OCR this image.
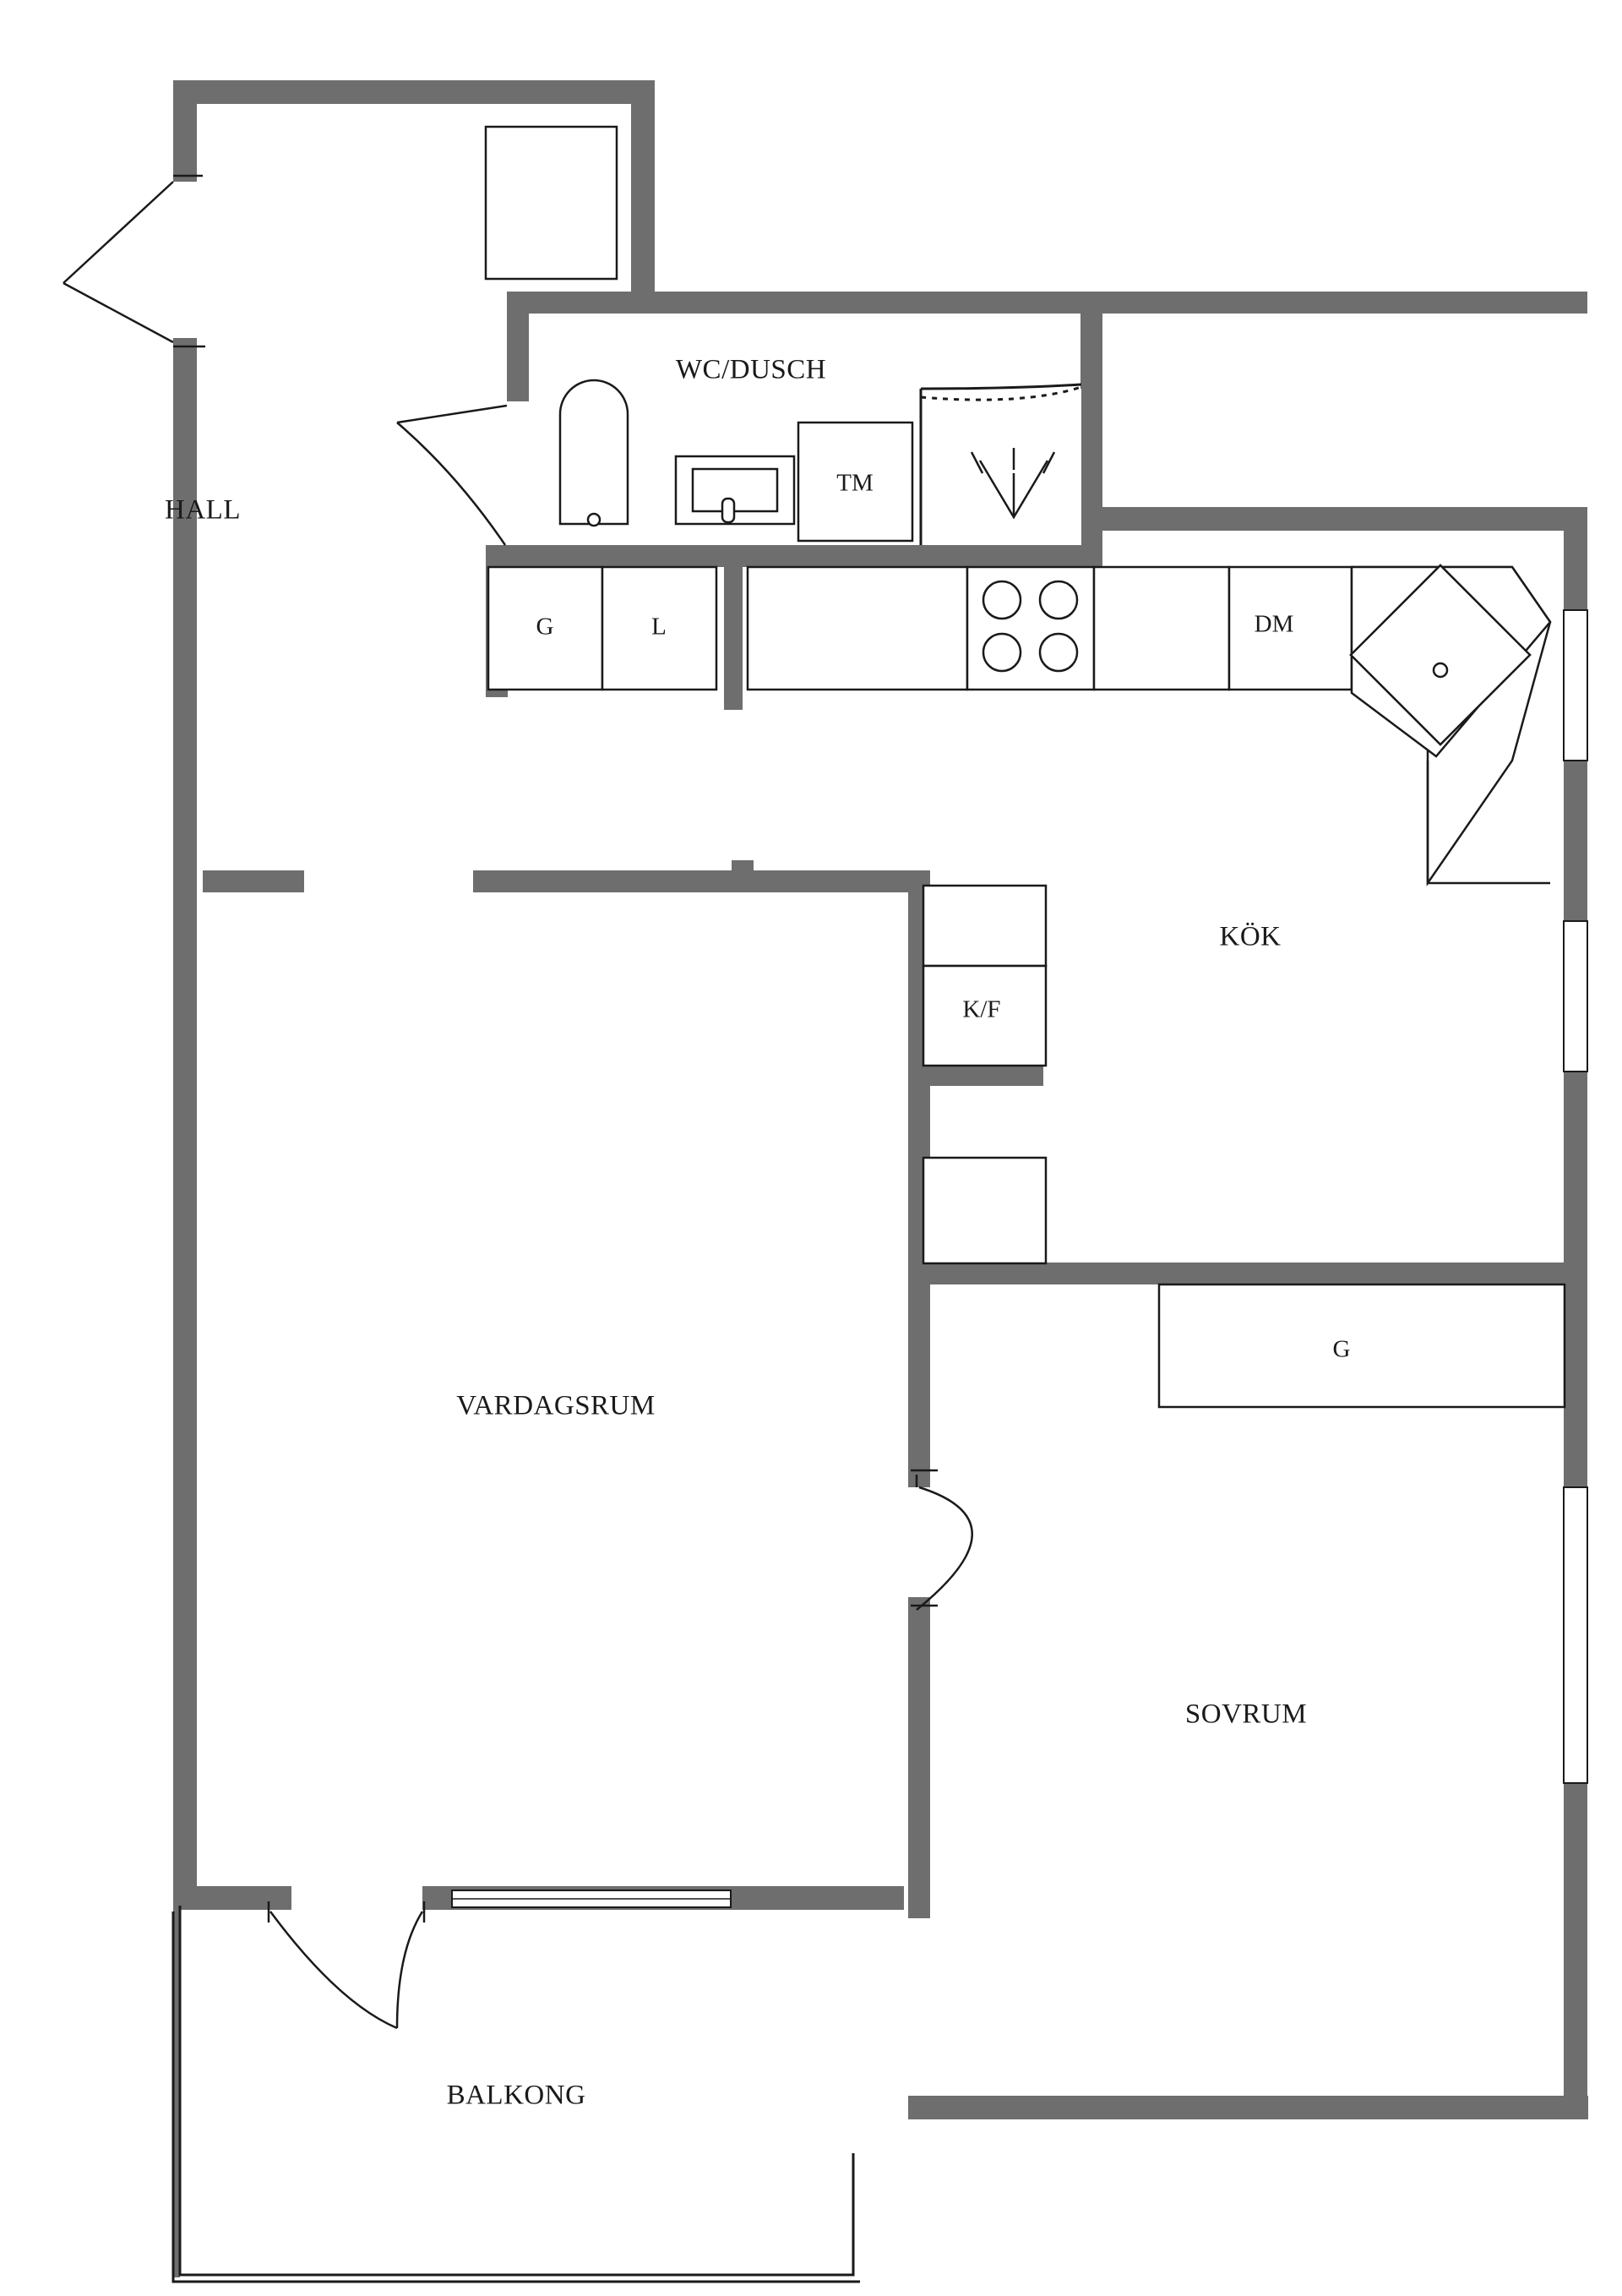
HALL
WC/DUSCH
KÖK
VARDAGSRUM
SOVRUM
BALKONG
TM
G	L	DM
K/F
G
